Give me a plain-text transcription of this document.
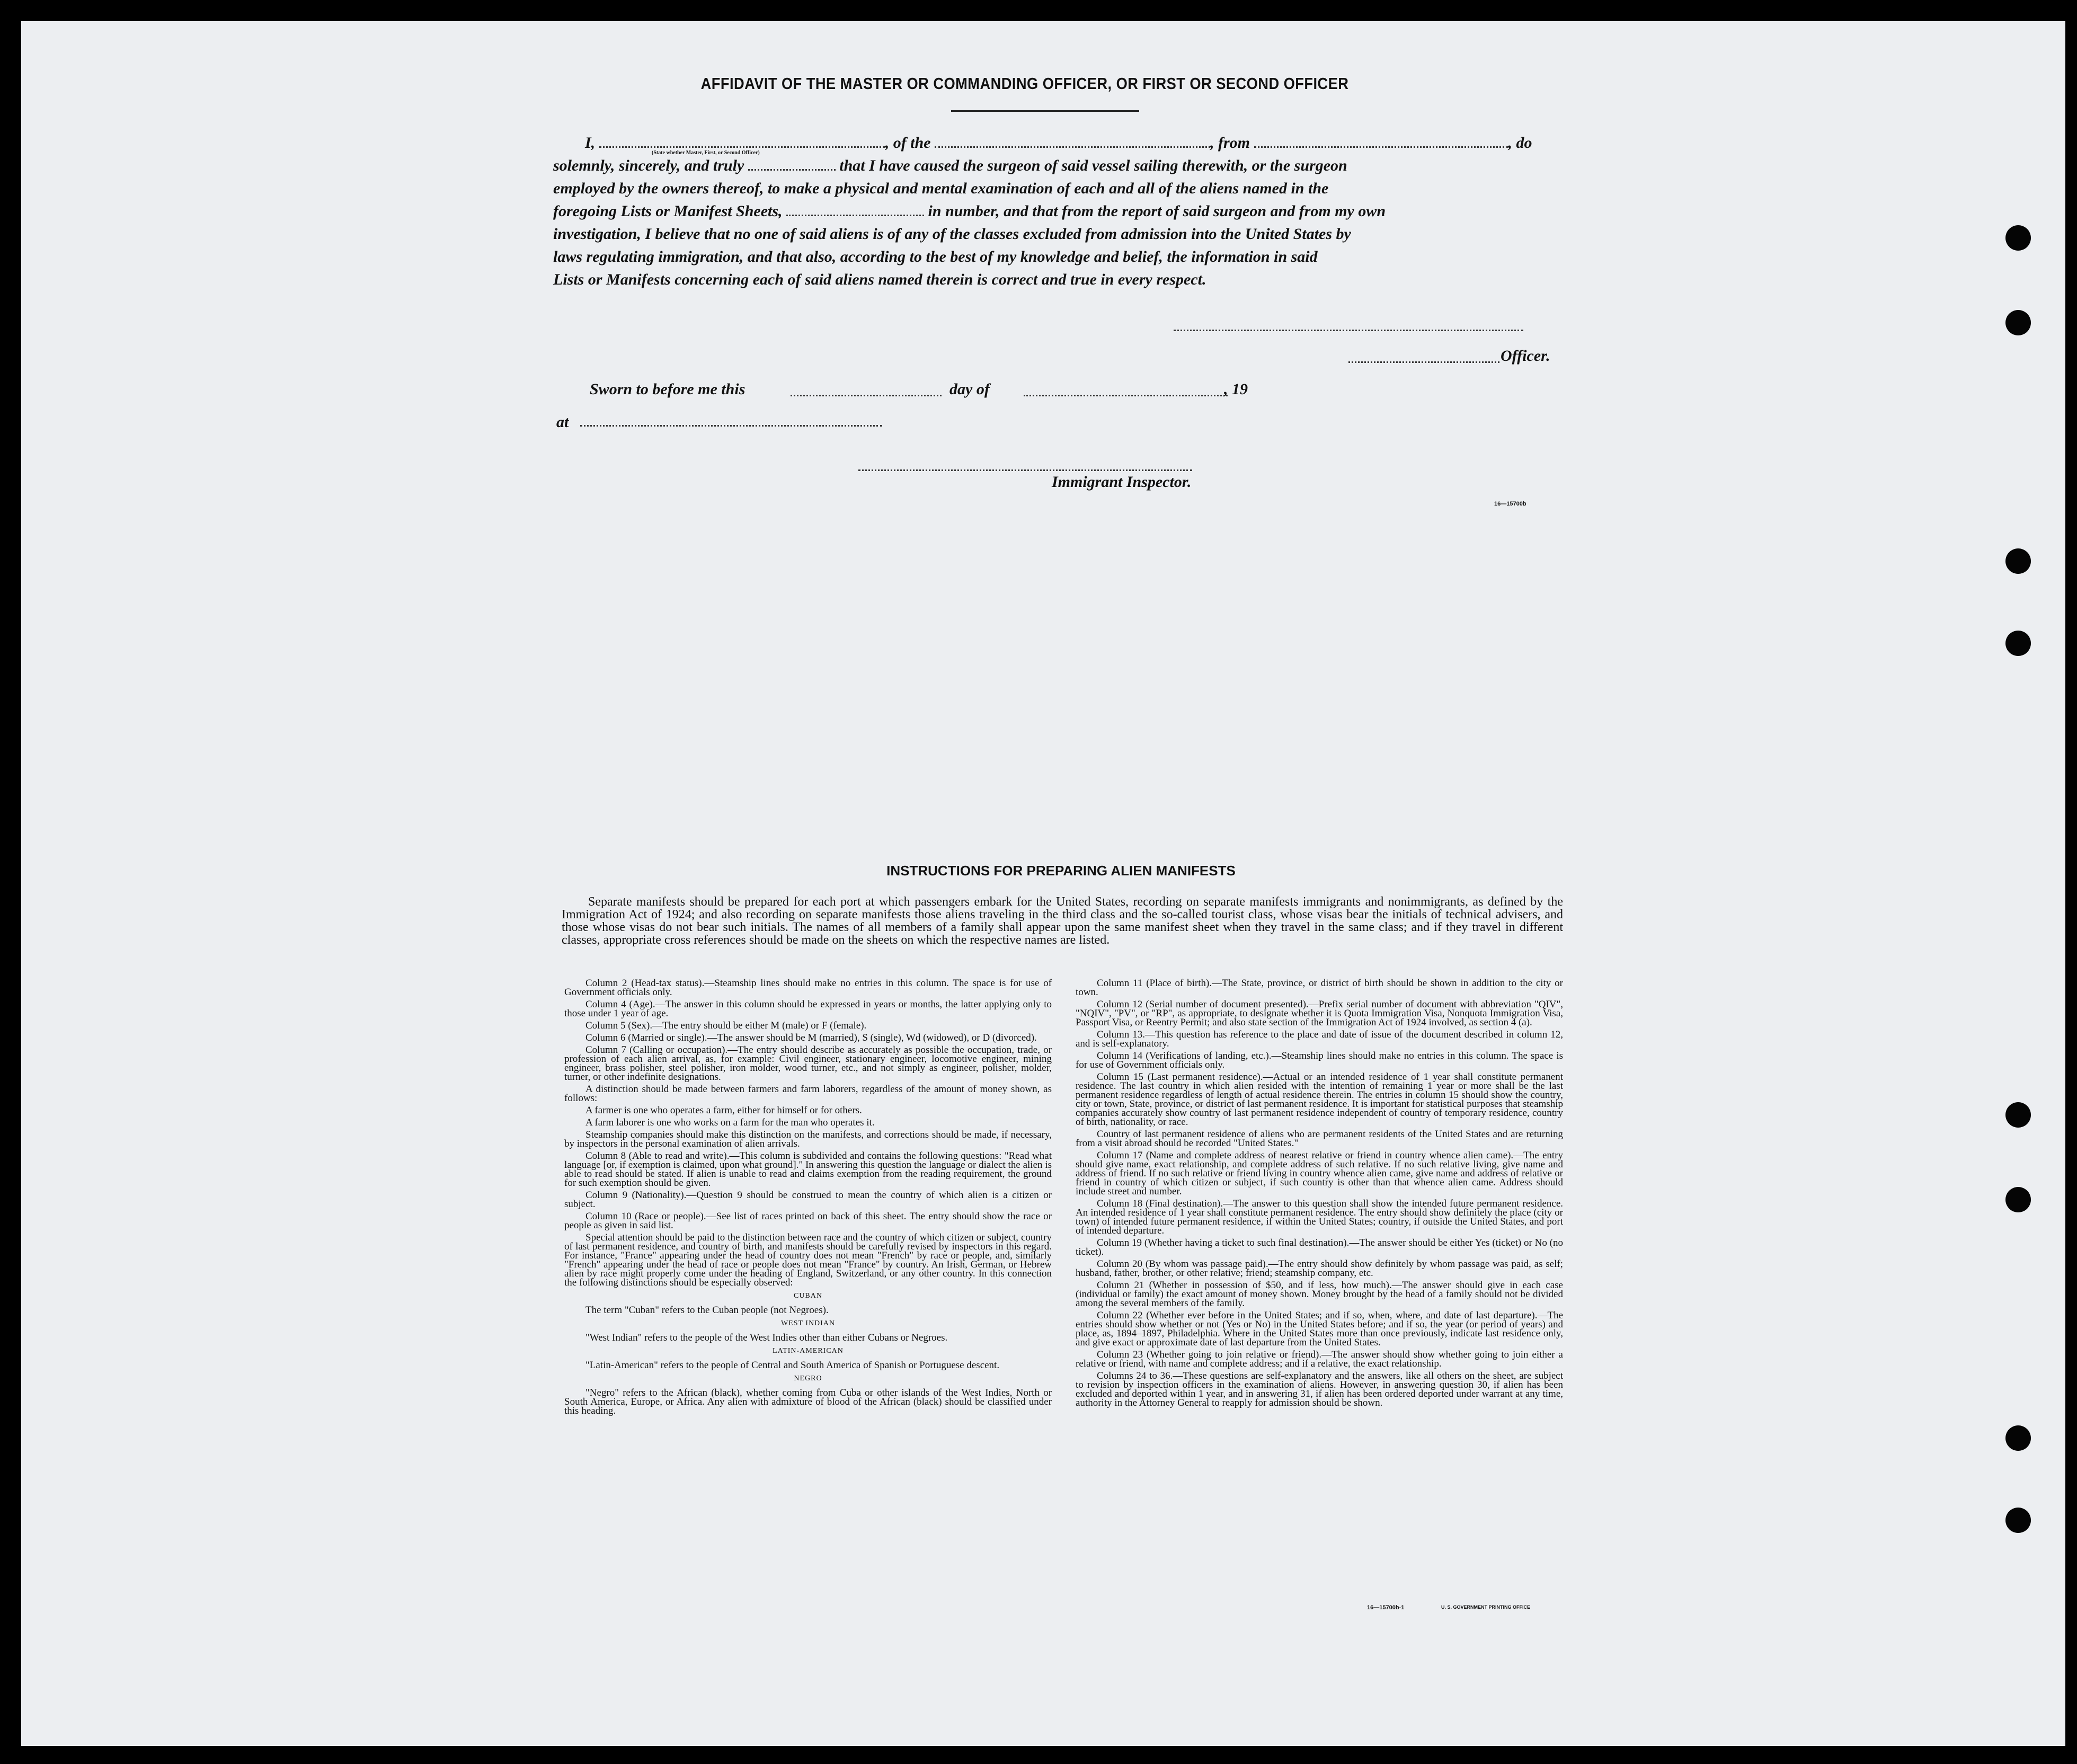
AFFIDAVIT OF THE MASTER OR COMMANDING OFFICER, OR FIRST OR SECOND OFFICER
I,	, of the	, from	, do
(State whether Master, First, or Second Officer)
solemnly, sincerely, and truly	that I have caused the surgeon of said vessel sailing therewith, or the surgeon
employed by the owners thereof, to make a physical and mental examination of each and all of the aliens named in the
foregoing Lists or Manifest Sheets,	in number, and that from the report of said surgeon and from my own
investigation, I believe that no one of said aliens is of any of the classes excluded from admission into the United States by
laws regulating immigration, and that also, according to the best of my knowledge and belief, the information in said
Lists or Manifests concerning each of said aliens named therein is correct and true in every respect.
Officer.
Sworn to before me this	day of	, 19
at
Immigrant Inspector.
16—15700b
INSTRUCTIONS FOR PREPARING ALIEN MANIFESTS
Separate manifests should be prepared for each port at which passengers embark for the United States, recording on separate manifests immigrants and nonimmigrants, as defined by the Immigration Act of 1924; and also recording on separate manifests those aliens traveling in the third class and the so-called tourist class, whose visas bear the initials of technical advisers, and those whose visas do not bear such initials. The names of all members of a family shall appear upon the same manifest sheet when they travel in the same class; and if they travel in different classes, appropriate cross references should be made on the sheets on which the respective names are listed.

Column 2 (Head-tax status).—Steamship lines should make no entries in this column. The space is for use of Government officials only.

Column 4 (Age).—The answer in this column should be expressed in years or months, the latter applying only to those under 1 year of age.

Column 5 (Sex).—The entry should be either M (male) or F (female).

Column 6 (Married or single).—The answer should be M (married), S (single), Wd (widowed), or D (divorced).

Column 7 (Calling or occupation).—The entry should describe as accurately as possible the occupation, trade, or profession of each alien arrival, as, for example: Civil engineer, stationary engineer, locomotive engineer, mining engineer, brass polisher, steel polisher, iron molder, wood turner, etc., and not simply as engineer, polisher, molder, turner, or other indefinite designations.

A distinction should be made between farmers and farm laborers, regardless of the amount of money shown, as follows:

A farmer is one who operates a farm, either for himself or for others.

A farm laborer is one who works on a farm for the man who operates it.

Steamship companies should make this distinction on the manifests, and corrections should be made, if necessary, by inspectors in the personal examination of alien arrivals.

Column 8 (Able to read and write).—This column is subdivided and contains the following questions: "Read what language [or, if exemption is claimed, upon what ground]." In answering this question the language or dialect the alien is able to read should be stated. If alien is unable to read and claims exemption from the reading requirement, the ground for such exemption should be given.

Column 9 (Nationality).—Question 9 should be construed to mean the country of which alien is a citizen or subject.

Column 10 (Race or people).—See list of races printed on back of this sheet. The entry should show the race or people as given in said list.

Special attention should be paid to the distinction between race and the country of which citizen or subject, country of last permanent residence, and country of birth, and manifests should be carefully revised by inspectors in this regard. For instance, "France" appearing under the head of country does not mean "French" by race or people, and, similarly "French" appearing under the head of race or people does not mean "France" by country. An Irish, German, or Hebrew alien by race might properly come under the heading of England, Switzerland, or any other country. In this connection the following distinctions should be especially observed:

CUBAN

The term "Cuban" refers to the Cuban people (not Negroes).

WEST INDIAN

"West Indian" refers to the people of the West Indies other than either Cubans or Negroes.

LATIN-AMERICAN

"Latin-American" refers to the people of Central and South America of Spanish or Portuguese descent.

NEGRO

"Negro" refers to the African (black), whether coming from Cuba or other islands of the West Indies, North or South America, Europe, or Africa. Any alien with admixture of blood of the African (black) should be classified under this heading.

Column 11 (Place of birth).—The State, province, or district of birth should be shown in addition to the city or town.

Column 12 (Serial number of document presented).—Prefix serial number of document with abbreviation "QIV", "NQIV", "PV", or "RP", as appropriate, to designate whether it is Quota Immigration Visa, Nonquota Immigration Visa, Passport Visa, or Reentry Permit; and also state section of the Immigration Act of 1924 involved, as section 4 (a).

Column 13.—This question has reference to the place and date of issue of the document described in column 12, and is self-explanatory.

Column 14 (Verifications of landing, etc.).—Steamship lines should make no entries in this column. The space is for use of Government officials only.

Column 15 (Last permanent residence).—Actual or an intended residence of 1 year shall constitute permanent residence. The last country in which alien resided with the intention of remaining 1 year or more shall be the last permanent residence regardless of length of actual residence therein. The entries in column 15 should show the country, city or town, State, province, or district of last permanent residence. It is important for statistical purposes that steamship companies accurately show country of last permanent residence independent of country of temporary residence, country of birth, nationality, or race.

Country of last permanent residence of aliens who are permanent residents of the United States and are returning from a visit abroad should be recorded "United States."

Column 17 (Name and complete address of nearest relative or friend in country whence alien came).—The entry should give name, exact relationship, and complete address of such relative. If no such relative living, give name and address of friend. If no such relative or friend living in country whence alien came, give name and address of relative or friend in country of which citizen or subject, if such country is other than that whence alien came. Address should include street and number.

Column 18 (Final destination).—The answer to this question shall show the intended future permanent residence. An intended residence of 1 year shall constitute permanent residence. The entry should show definitely the place (city or town) of intended future permanent residence, if within the United States; country, if outside the United States, and port of intended departure.

Column 19 (Whether having a ticket to such final destination).—The answer should be either Yes (ticket) or No (no ticket).

Column 20 (By whom was passage paid).—The entry should show definitely by whom passage was paid, as self; husband, father, brother, or other relative; friend; steamship company, etc.

Column 21 (Whether in possession of $50, and if less, how much).—The answer should give in each case (individual or family) the exact amount of money shown. Money brought by the head of a family should not be divided among the several members of the family.

Column 22 (Whether ever before in the United States; and if so, when, where, and date of last departure).—The entries should show whether or not (Yes or No) in the United States before; and if so, the year (or period of years) and place, as, 1894–1897, Philadelphia. Where in the United States more than once previously, indicate last residence only, and give exact or approximate date of last departure from the United States.

Column 23 (Whether going to join relative or friend).—The answer should show whether going to join either a relative or friend, with name and complete address; and if a relative, the exact relationship.

Columns 24 to 36.—These questions are self-explanatory and the answers, like all others on the sheet, are subject to revision by inspection officers in the examination of aliens. However, in answering question 30, if alien has been excluded and deported within 1 year, and in answering 31, if alien has been ordered deported under warrant at any time, authority in the Attorney General to reapply for admission should be shown.

16—15700b-1	U. S. GOVERNMENT PRINTING OFFICE
